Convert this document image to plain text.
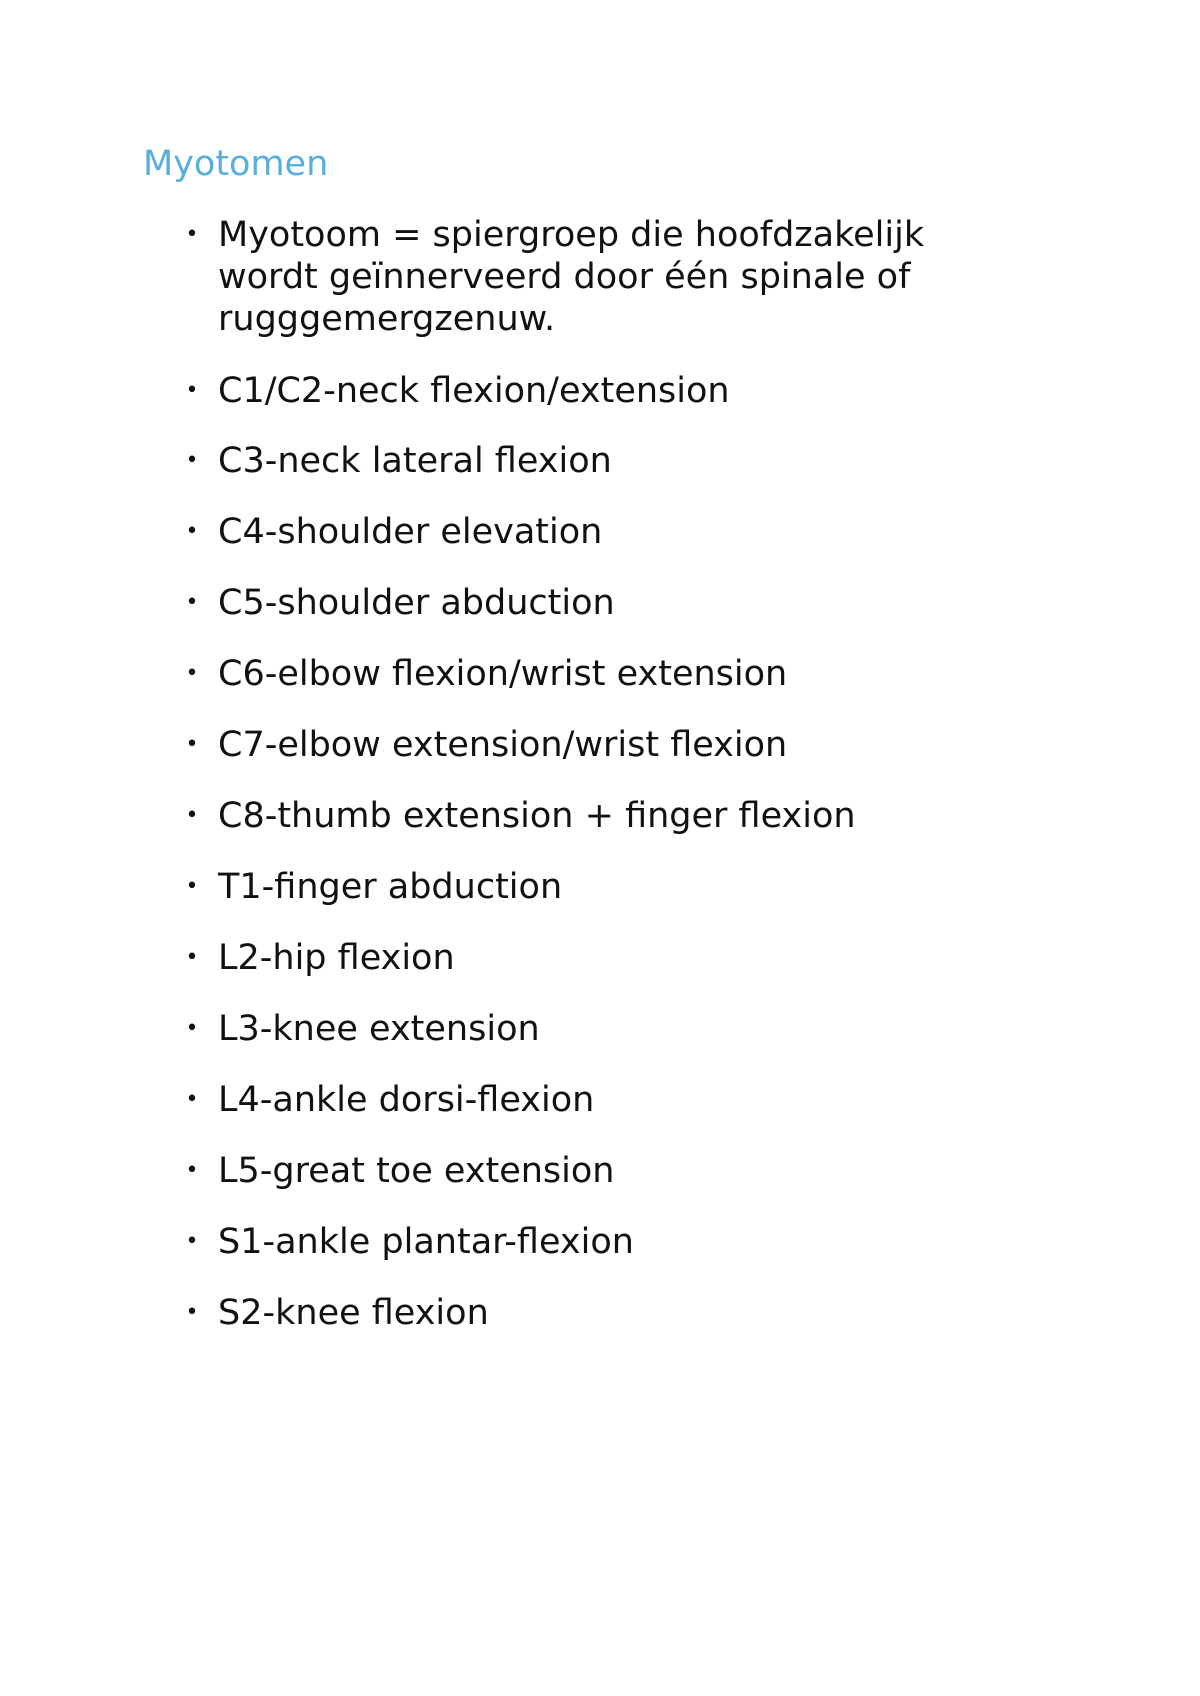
Myotomen
• Myotoom = spiergroep die hoofdzakelijk wordt geïnnerveerd door één spinale of rugggemergzenuw.
• C1/C2-neck flexion/extension
• C3-neck lateral flexion
• C4-shoulder elevation
• C5-shoulder abduction
• C6-elbow flexion/wrist extension
• C7-elbow extension/wrist flexion
• C8-thumb extension + finger flexion
• T1-finger abduction
• L2-hip flexion
• L3-knee extension
• L4-ankle dorsi-flexion
• L5-great toe extension
• S1-ankle plantar-flexion
• S2-knee flexion
